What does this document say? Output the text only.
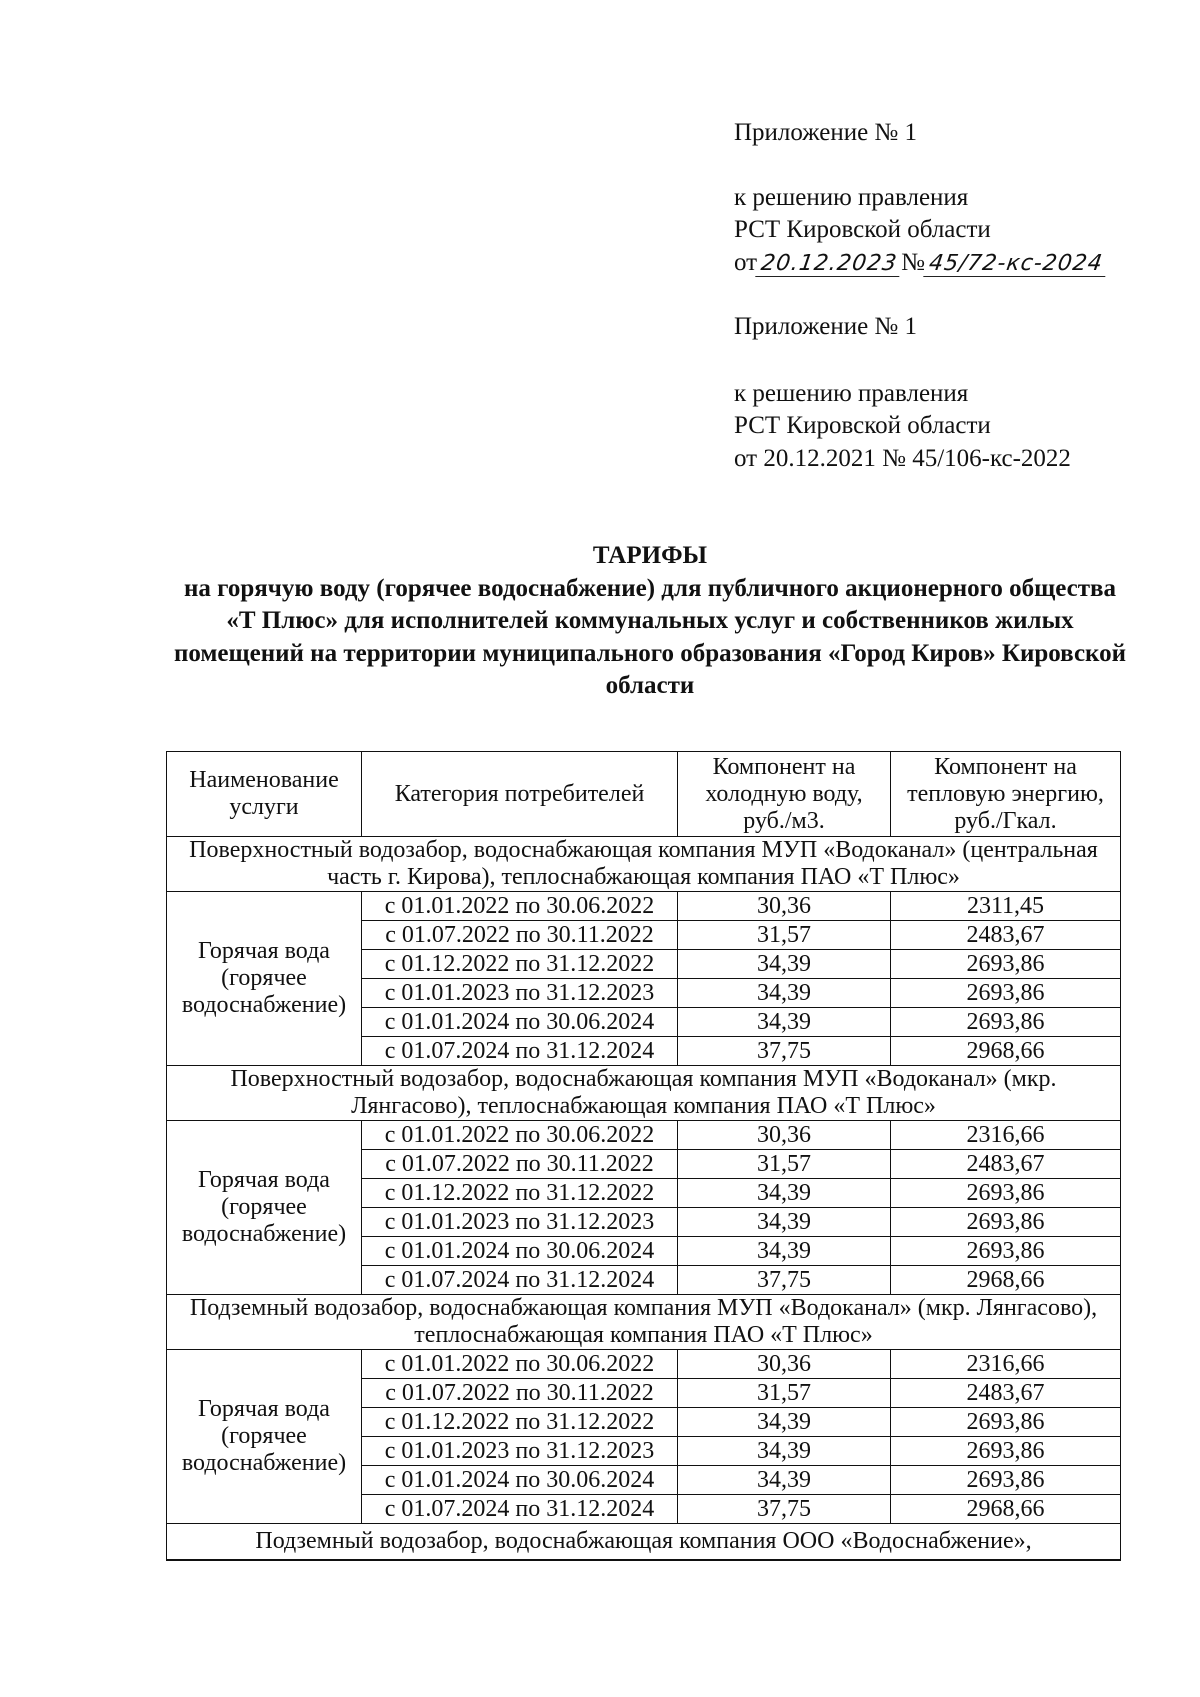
Приложение № 1
к решению правления
РСТ Кировской области
от 20.12.2023№ 45/72-кс-2024
Приложение № 1
к решению правления
РСТ Кировской области
от 20.12.2021 № 45/106-кс-2022
ТАРИФЫ
на горячую воду (горячее водоснабжение) для публичного акционерного общества «Т Плюс» для исполнителей коммунальных услуг и собственников жилых помещений на территории муниципального образования «Город Киров» Кировской области
Наименование услуги	Категория потребителей	Компонент на холодную воду, руб./м3.	Компонент на тепловую энергию, руб./Гкал.
Поверхностный водозабор, водоснабжающая компания МУП «Водоканал» (центральная часть г. Кирова), теплоснабжающая компания ПАО «Т Плюс»			
Горячая вода (горячее водоснабжение)	с 01.01.2022 по 30.06.2022	30,36	2311,45
	с 01.07.2022 по 30.11.2022	31,57	2483,67
	с 01.12.2022 по 31.12.2022	34,39	2693,86
	с 01.01.2023 по 31.12.2023	34,39	2693,86
	с 01.01.2024 по 30.06.2024	34,39	2693,86
	с 01.07.2024 по 31.12.2024	37,75	2968,66
Поверхностный водозабор, водоснабжающая компания МУП «Водоканал» (мкр. Лянгасово), теплоснабжающая компания ПАО «Т Плюс»			
Горячая вода (горячее водоснабжение)	с 01.01.2022 по 30.06.2022	30,36	2316,66
	с 01.07.2022 по 30.11.2022	31,57	2483,67
	с 01.12.2022 по 31.12.2022	34,39	2693,86
	с 01.01.2023 по 31.12.2023	34,39	2693,86
	с 01.01.2024 по 30.06.2024	34,39	2693,86
	с 01.07.2024 по 31.12.2024	37,75	2968,66
Подземный водозабор, водоснабжающая компания МУП «Водоканал» (мкр. Лянгасово), теплоснабжающая компания ПАО «Т Плюс»			
Горячая вода (горячее водоснабжение)	с 01.01.2022 по 30.06.2022	30,36	2316,66
	с 01.07.2022 по 30.11.2022	31,57	2483,67
	с 01.12.2022 по 31.12.2022	34,39	2693,86
	с 01.01.2023 по 31.12.2023	34,39	2693,86
	с 01.01.2024 по 30.06.2024	34,39	2693,86
	с 01.07.2024 по 31.12.2024	37,75	2968,66
Подземный водозабор, водоснабжающая компания ООО «Водоснабжение»,			
